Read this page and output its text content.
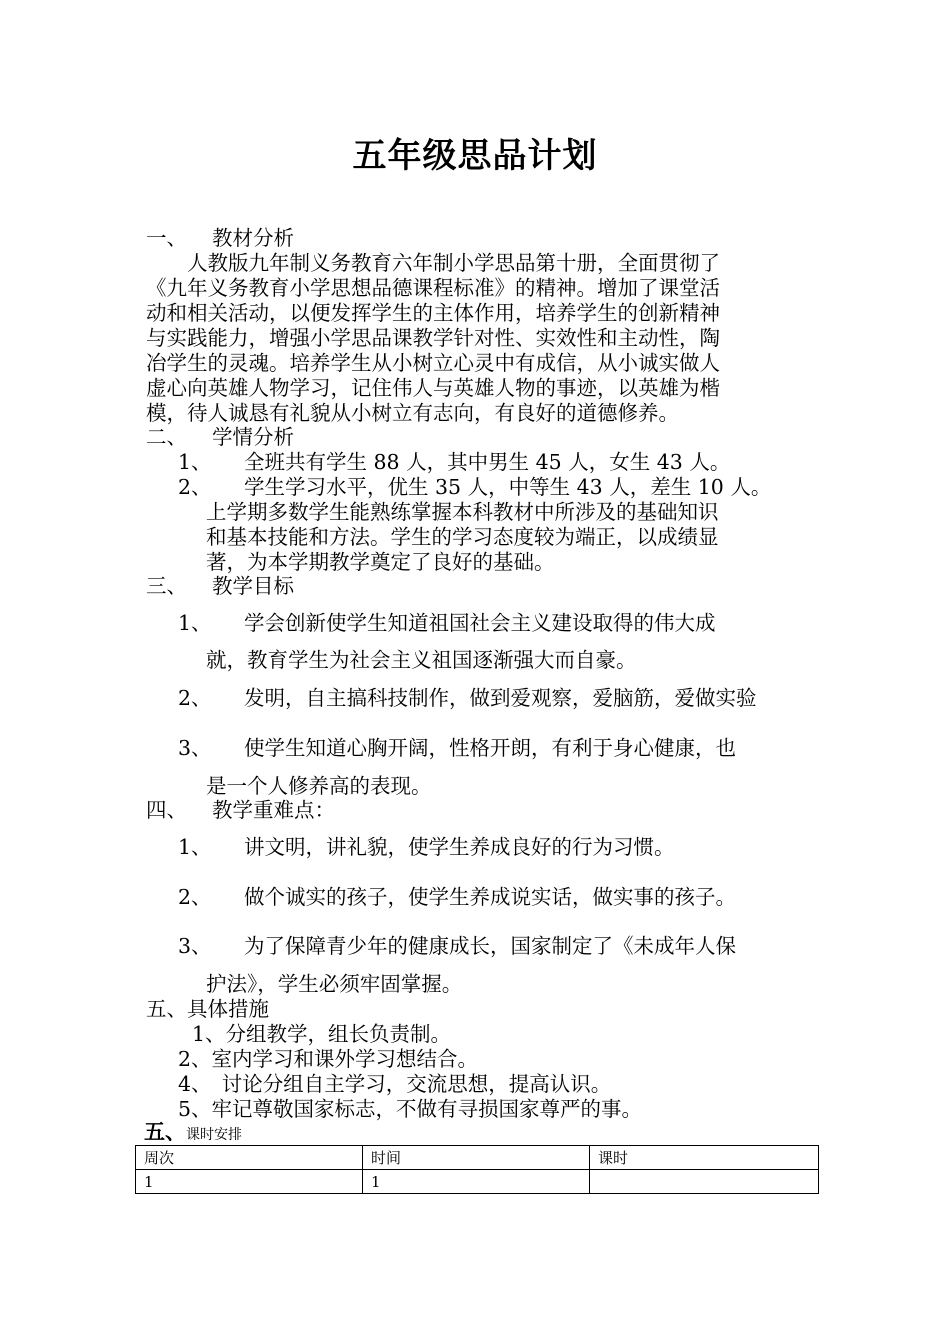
五年级思品计划
一、 教材分析
　　人教版九年制义务教育六年制小学思品第十册，全面贯彻了
《九年义务教育小学思想品德课程标准》的精神。增加了课堂活
动和相关活动，以便发挥学生的主体作用，培养学生的创新精神
与实践能力，增强小学思品课教学针对性、实效性和主动性，陶
冶学生的灵魂。培养学生从小树立心灵中有成信，从小诚实做人
虚心向英雄人物学习，记住伟人与英雄人物的事迹，以英雄为楷
模，待人诚恳有礼貌从小树立有志向，有良好的道德修养。
二、 学情分析
1、 全班共有学生 88 人，其中男生 45 人，女生 43 人。
2、 学生学习水平，优生 35 人，中等生 43 人，差生 10 人。
上学期多数学生能熟练掌握本科教材中所涉及的基础知识
和基本技能和方法。学生的学习态度较为端正，以成绩显
著，为本学期教学奠定了良好的基础。
三、 教学目标
1、 学会创新使学生知道祖国社会主义建设取得的伟大成
就，教育学生为社会主义祖国逐渐强大而自豪。
2、 发明，自主搞科技制作，做到爱观察，爱脑筋，爱做实验
3、 使学生知道心胸开阔，性格开朗，有利于身心健康，也
是一个人修养高的表现。
四、 教学重难点：
1、 讲文明，讲礼貌，使学生养成良好的行为习惯。
2、 做个诚实的孩子，使学生养成说实话，做实事的孩子。
3、 为了保障青少年的健康成长，国家制定了《未成年人保
护法》，学生必须牢固掌握。
五、具体措施
1、分组教学，组长负责制。
2、室内学习和课外学习想结合。
4、　讨论分组自主学习，交流思想，提高认识。
5、牢记尊敬国家标志，不做有寻损国家尊严的事。
五、课时安排
周次	时间	课时
1	1	
